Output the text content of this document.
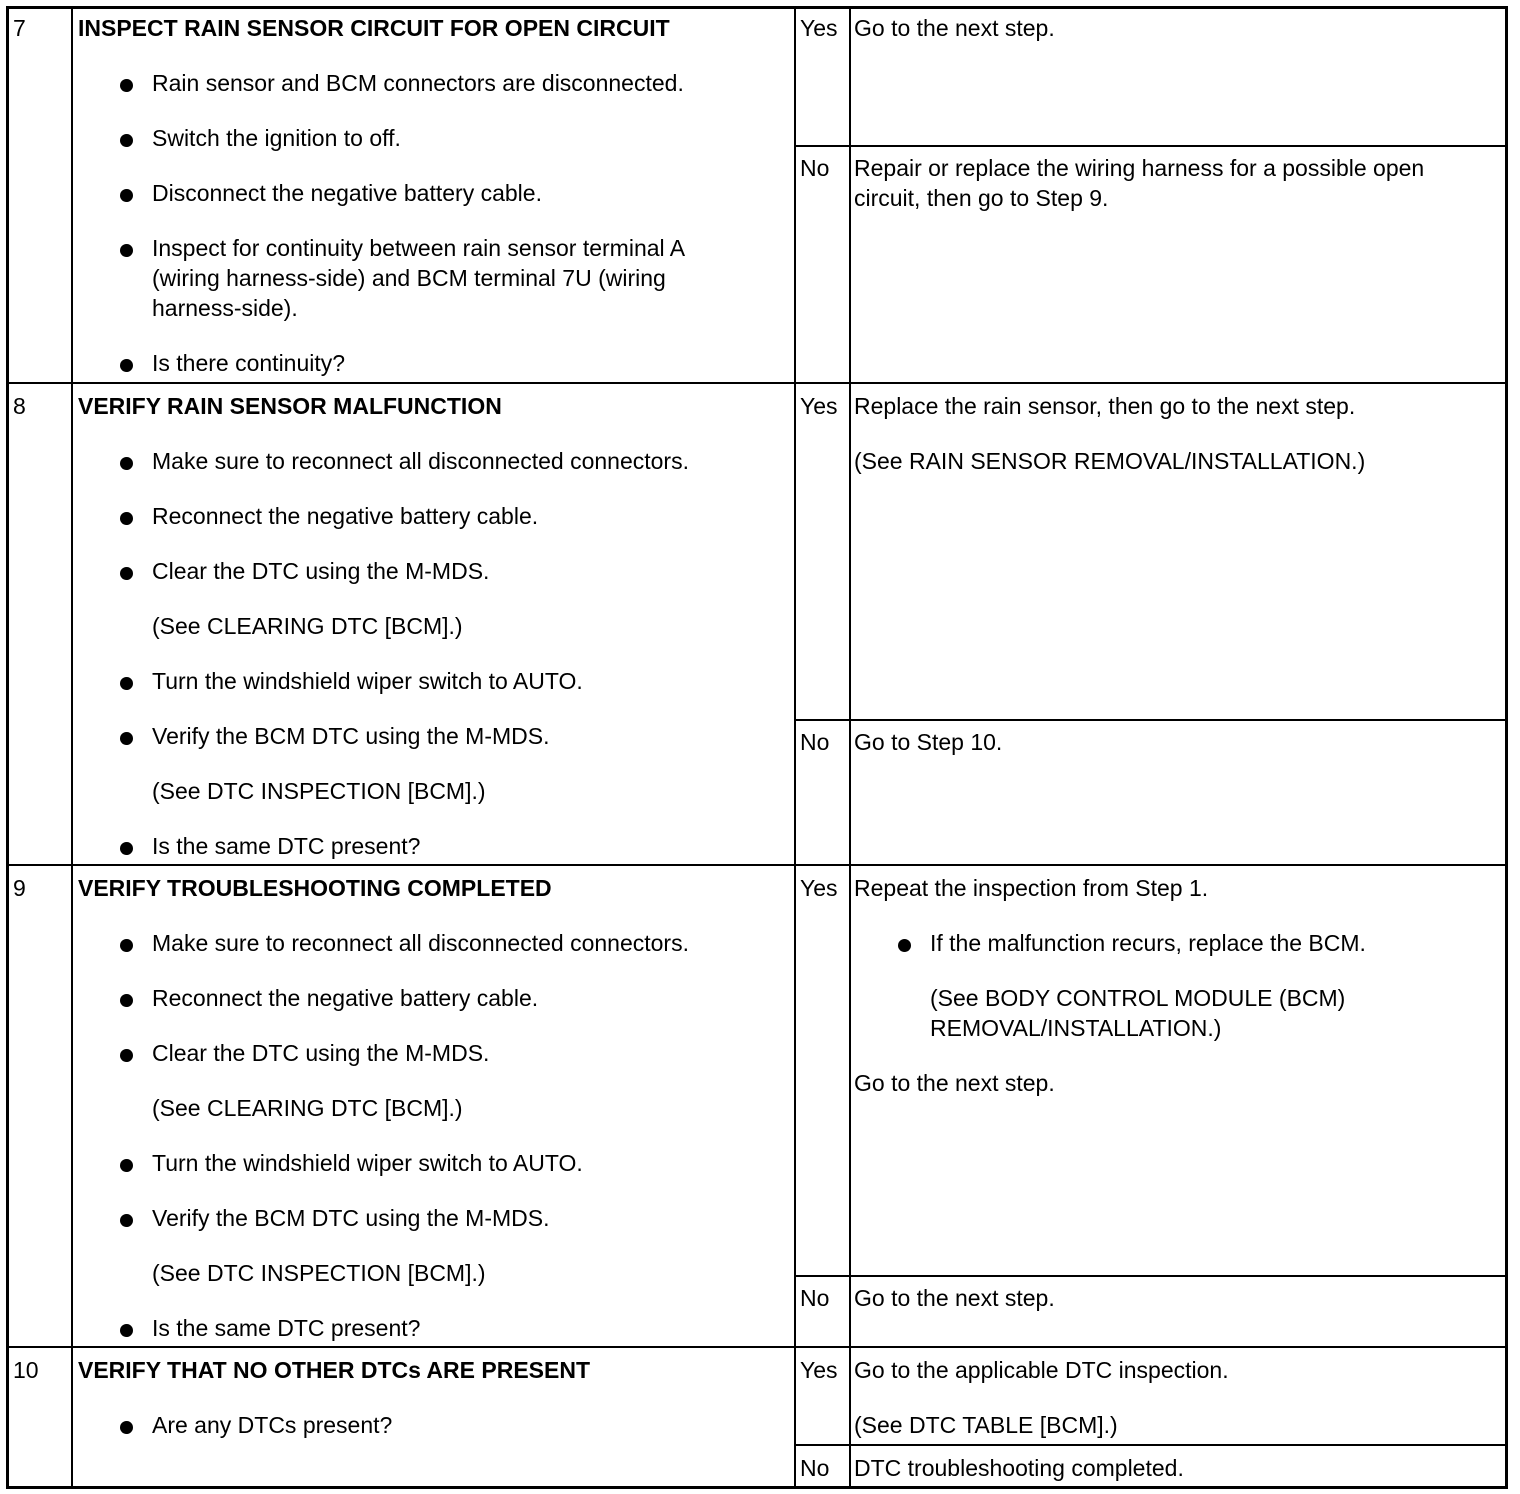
7 INSPECT RAIN SENSOR CIRCUIT FOR OPEN CIRCUIT
Rain sensor and BCM connectors are disconnected.
Switch the ignition to off.
Disconnect the negative battery cable.
Inspect for continuity between rain sensor terminal A (wiring harness-side) and BCM terminal 7U (wiring harness-side).
Is there continuity?
Yes Go to the next step.
No Repair or replace the wiring harness for a possible open circuit, then go to Step 9.
8 VERIFY RAIN SENSOR MALFUNCTION
Make sure to reconnect all disconnected connectors.
Reconnect the negative battery cable.
Clear the DTC using the M-MDS.
(See CLEARING DTC [BCM].)
Turn the windshield wiper switch to AUTO.
Verify the BCM DTC using the M-MDS.
(See DTC INSPECTION [BCM].)
Is the same DTC present?
Yes Replace the rain sensor, then go to the next step.
(See RAIN SENSOR REMOVAL/INSTALLATION.)
No Go to Step 10.
9 VERIFY TROUBLESHOOTING COMPLETED
Make sure to reconnect all disconnected connectors.
Reconnect the negative battery cable.
Clear the DTC using the M-MDS.
(See CLEARING DTC [BCM].)
Turn the windshield wiper switch to AUTO.
Verify the BCM DTC using the M-MDS.
(See DTC INSPECTION [BCM].)
Is the same DTC present?
Yes Repeat the inspection from Step 1.
If the malfunction recurs, replace the BCM.
(See BODY CONTROL MODULE (BCM) REMOVAL/INSTALLATION.)
Go to the next step.
No Go to the next step.
10 VERIFY THAT NO OTHER DTCs ARE PRESENT
Are any DTCs present?
Yes Go to the applicable DTC inspection.
(See DTC TABLE [BCM].)
No DTC troubleshooting completed.
